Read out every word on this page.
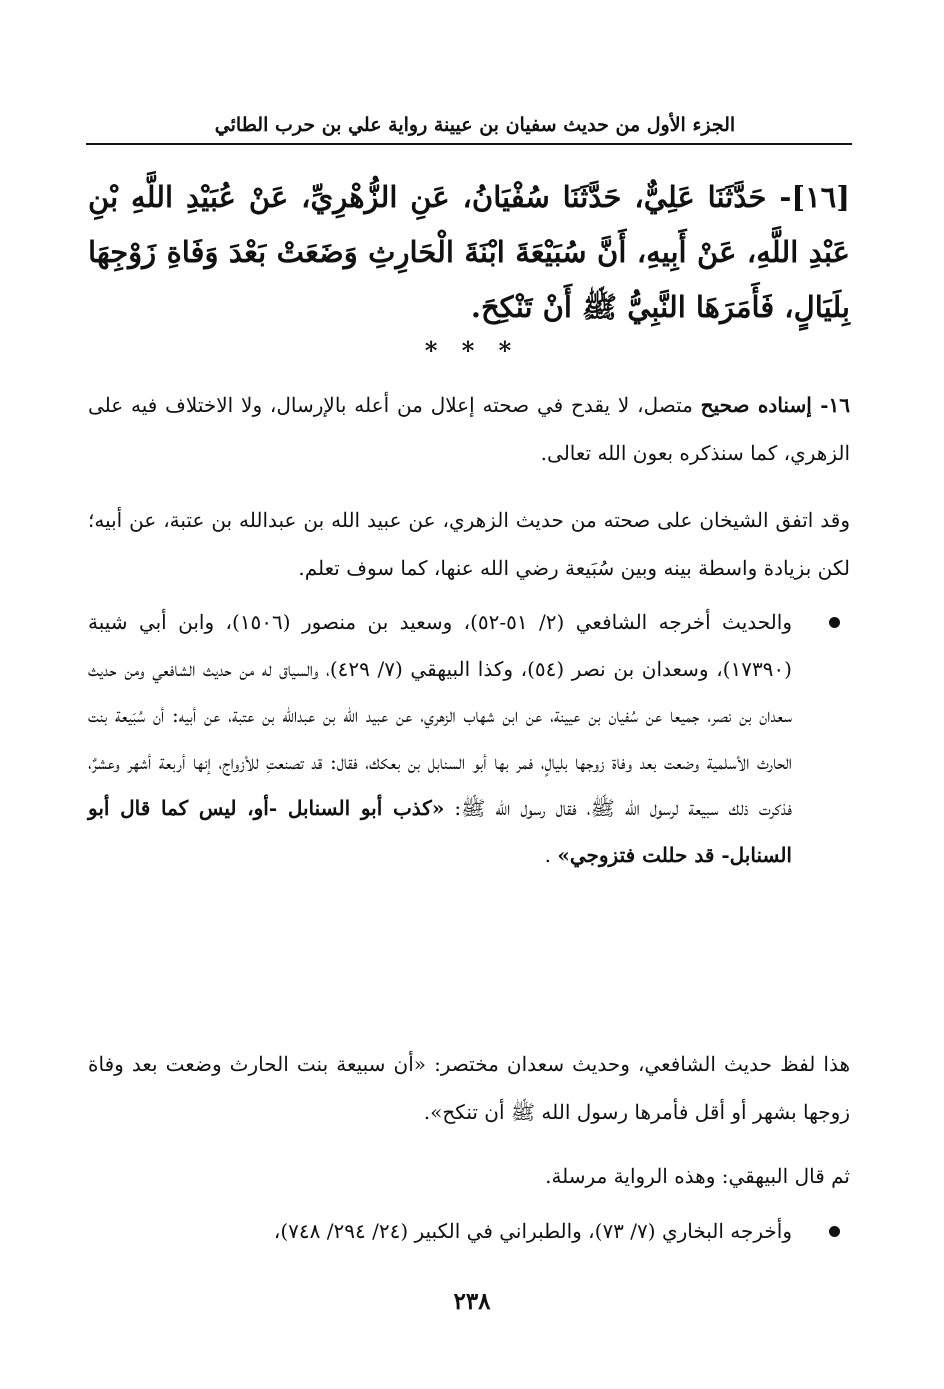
الجزء الأول من حديث سفيان بن عيينة رواية علي بن حرب الطائي
[١٦]- حَدَّثَنَا عَلِيٌّ، حَدَّثَنَا سُفْيَانُ، عَنِ الزُّهْرِيِّ، عَنْ عُبَيْدِ اللَّهِ بْنِ عَبْدِ اللَّهِ، عَنْ أَبِيهِ، أَنَّ سُبَيْعَةَ ابْنَةَ الْحَارِثِ وَضَعَتْ بَعْدَ وَفَاةِ زَوْجِهَا بِلَيَالٍ، فَأَمَرَهَا النَّبِيُّ ﷺ أَنْ تَنْكِحَ.
* * *
١٦- إسناده صحيح متصل، لا يقدح في صحته إعلال من أعله بالإرسال، ولا الاختلاف فيه على الزهري، كما سنذكره بعون الله تعالى.
وقد اتفق الشيخان على صحته من حديث الزهري، عن عبيد الله بن عبدالله بن عتبة، عن أبيه؛ لكن بزيادة واسطة بينه وبين سُبَيعة رضي الله عنها، كما سوف تعلم.
والحديث أخرجه الشافعي (٢/ ٥١-٥٢)، وسعيد بن منصور (١٥٠٦)، وابن أبي شيبة (١٧٣٩٠)، وسعدان بن نصر (٥٤)، وكذا البيهقي (٧/ ٤٢٩)، والسياق له من حديث الشافعي ومن حديث سعدان بن نصر، جميعا عن سُفيان بن عيينة، عن ابن شهاب الزهري، عن عبيد الله بن عبدالله بن عتبة، عن أبيه: أن سُبَيعة بنت الحارث الأسلمية وضعت بعد وفاة زوجها بليالٍ، فمر بها أبو السنابل بن بعكك، فقال: قد تصنعتِ للأزواج، إنها أربعة أشهر وعشرٌ، فذكرت ذلك سبيعة لرسول الله ﷺ، فقال رسول الله ﷺ: «كذب أبو السنابل -أو، ليس كما قال أبو السنابل- قد حللت فتزوجي» .
هذا لفظ حديث الشافعي، وحديث سعدان مختصر: «أن سبيعة بنت الحارث وضعت بعد وفاة زوجها بشهر أو أقل فأمرها رسول الله ﷺ أن تنكح».
ثم قال البيهقي: وهذه الرواية مرسلة.
وأخرجه البخاري (٧/ ٧٣)، والطبراني في الكبير (٢٤/ ٢٩٤/ ٧٤٨)،
٢٣٨
